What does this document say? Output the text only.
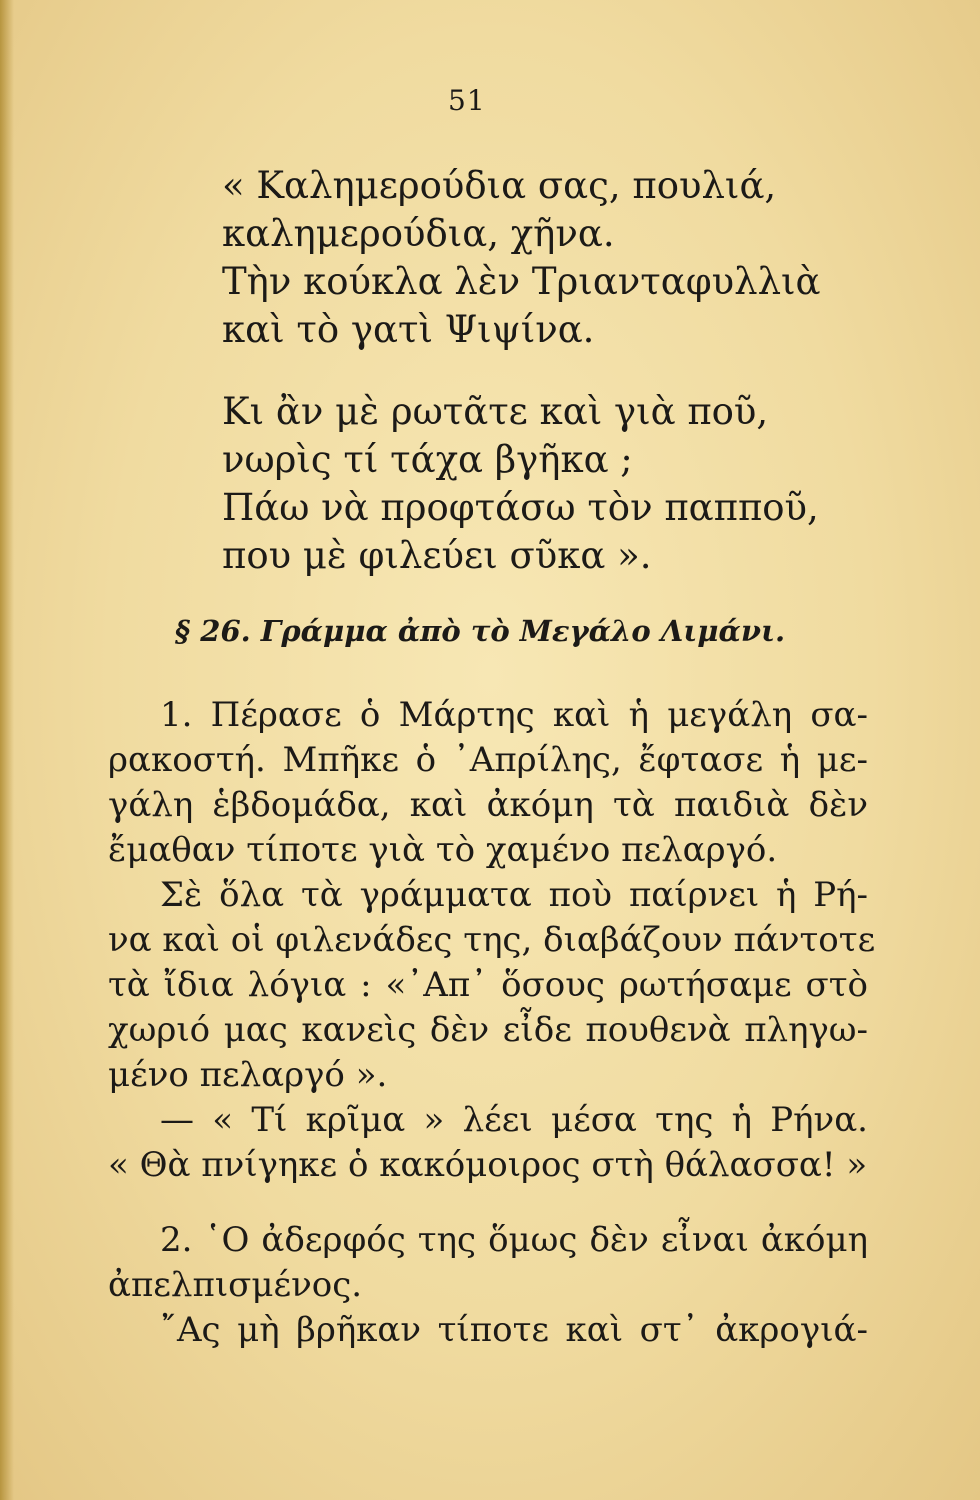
51
« Καλημερούδια σας, πουλιά,
καλημερούδια, χῆνα.
Τὴν κούκλα λὲν Τριανταφυλλιὰ
καὶ τὸ γατὶ Ψιψίνα.
Κι ἂν μὲ ρωτᾶτε καὶ γιὰ ποῦ,
νωρὶς τί τάχα βγῆκα ;
Πάω νὰ προφτάσω τὸν παπποῦ,
που μὲ φιλεύει σῦκα ».
§ 26. Γράμμα ἀπὸ τὸ Μεγάλο Λιμάνι.
1. Πέρασε ὁ Μάρτης καὶ ἡ μεγάλη σα-
ρακοστή. Μπῆκε ὁ ᾿Απρίλης, ἔφτασε ἡ με-
γάλη ἑβδομάδα, καὶ ἀκόμη τὰ παιδιὰ δὲν
ἔμαθαν τίποτε γιὰ τὸ χαμένο πελαργό.
Σὲ ὅλα τὰ γράμματα ποὺ παίρνει ἡ Ρή-
να καὶ οἱ φιλενάδες της, διαβάζουν πάντοτε
τὰ ἴδια λόγια : «᾿Απ᾿ ὅσους ρωτήσαμε στὸ
χωριό μας κανεὶς δὲν εἶδε πουθενὰ πληγω-
μένο πελαργό ».
— « Τί κρῖμα » λέει μέσα της ἡ Ρήνα.
« Θὰ πνίγηκε ὁ κακόμοιρος στὴ θάλασσα! »
2. ῾Ο ἀδερφός της ὅμως δὲν εἶναι ἀκόμη
ἀπελπισμένος.
῎Ας μὴ βρῆκαν τίποτε καὶ στ᾿ ἀκρογιά-
